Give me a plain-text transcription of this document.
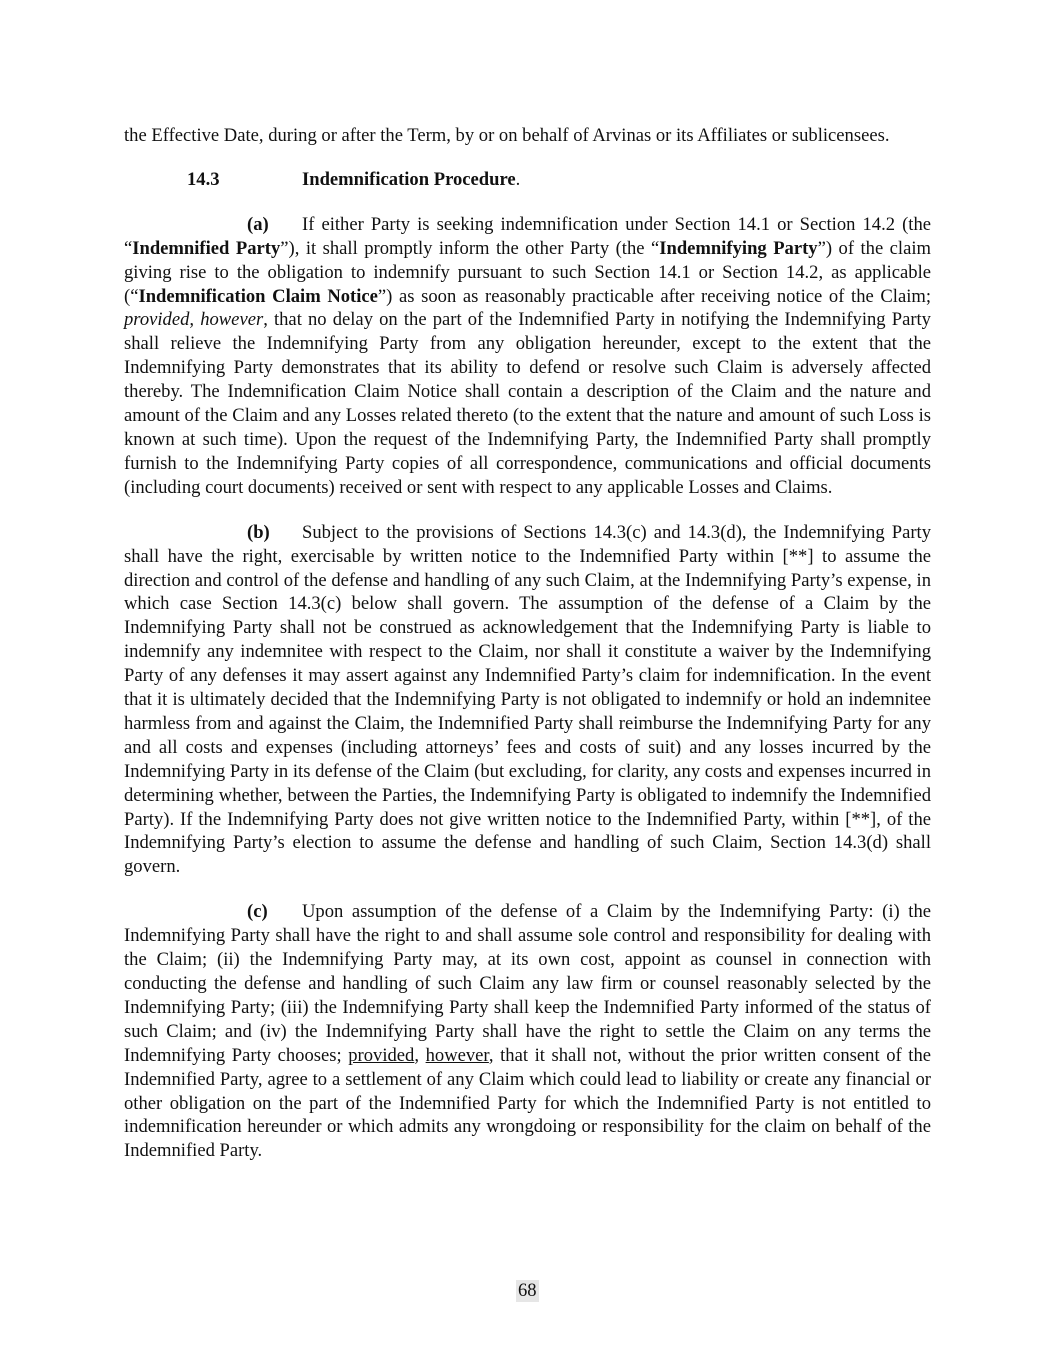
the Effective Date, during or after the Term, by or on behalf of Arvinas or its Affiliates or sublicensees.

14.3	Indemnification Procedure.

(a) If either Party is seeking indemnification under Section 14.1 or Section 14.2 (the “Indemnified Party”), it shall promptly inform the other Party (the “Indemnifying Party”) of the claim giving rise to the obligation to indemnify pursuant to such Section 14.1 or Section 14.2, as applicable (“Indemnification Claim Notice”) as soon as reasonably practicable after receiving notice of the Claim; provided, however, that no delay on the part of the Indemnified Party in notifying the Indemnifying Party shall relieve the Indemnifying Party from any obligation hereunder, except to the extent that the Indemnifying Party demonstrates that its ability to defend or resolve such Claim is adversely affected thereby. The Indemnification Claim Notice shall contain a description of the Claim and the nature and amount of the Claim and any Losses related thereto (to the extent that the nature and amount of such Loss is known at such time). Upon the request of the Indemnifying Party, the Indemnified Party shall promptly furnish to the Indemnifying Party copies of all correspondence, communications and official documents (including court documents) received or sent with respect to any applicable Losses and Claims.

(b) Subject to the provisions of Sections 14.3(c) and 14.3(d), the Indemnifying Party shall have the right, exercisable by written notice to the Indemnified Party within [**] to assume the direction and control of the defense and handling of any such Claim, at the Indemnifying Party’s expense, in which case Section 14.3(c) below shall govern. The assumption of the defense of a Claim by the Indemnifying Party shall not be construed as acknowledgement that the Indemnifying Party is liable to indemnify any indemnitee with respect to the Claim, nor shall it constitute a waiver by the Indemnifying Party of any defenses it may assert against any Indemnified Party’s claim for indemnification. In the event that it is ultimately decided that the Indemnifying Party is not obligated to indemnify or hold an indemnitee harmless from and against the Claim, the Indemnified Party shall reimburse the Indemnifying Party for any and all costs and expenses (including attorneys’ fees and costs of suit) and any losses incurred by the Indemnifying Party in its defense of the Claim (but excluding, for clarity, any costs and expenses incurred in determining whether, between the Parties, the Indemnifying Party is obligated to indemnify the Indemnified Party). If the Indemnifying Party does not give written notice to the Indemnified Party, within [**], of the Indemnifying Party’s election to assume the defense and handling of such Claim, Section 14.3(d) shall govern.

(c) Upon assumption of the defense of a Claim by the Indemnifying Party: (i) the Indemnifying Party shall have the right to and shall assume sole control and responsibility for dealing with the Claim; (ii) the Indemnifying Party may, at its own cost, appoint as counsel in connection with conducting the defense and handling of such Claim any law firm or counsel reasonably selected by the Indemnifying Party; (iii) the Indemnifying Party shall keep the Indemnified Party informed of the status of such Claim; and (iv) the Indemnifying Party shall have the right to settle the Claim on any terms the Indemnifying Party chooses; provided, however, that it shall not, without the prior written consent of the Indemnified Party, agree to a settlement of any Claim which could lead to liability or create any financial or other obligation on the part of the Indemnified Party for which the Indemnified Party is not entitled to indemnification hereunder or which admits any wrongdoing or responsibility for the claim on behalf of the Indemnified Party.

68
